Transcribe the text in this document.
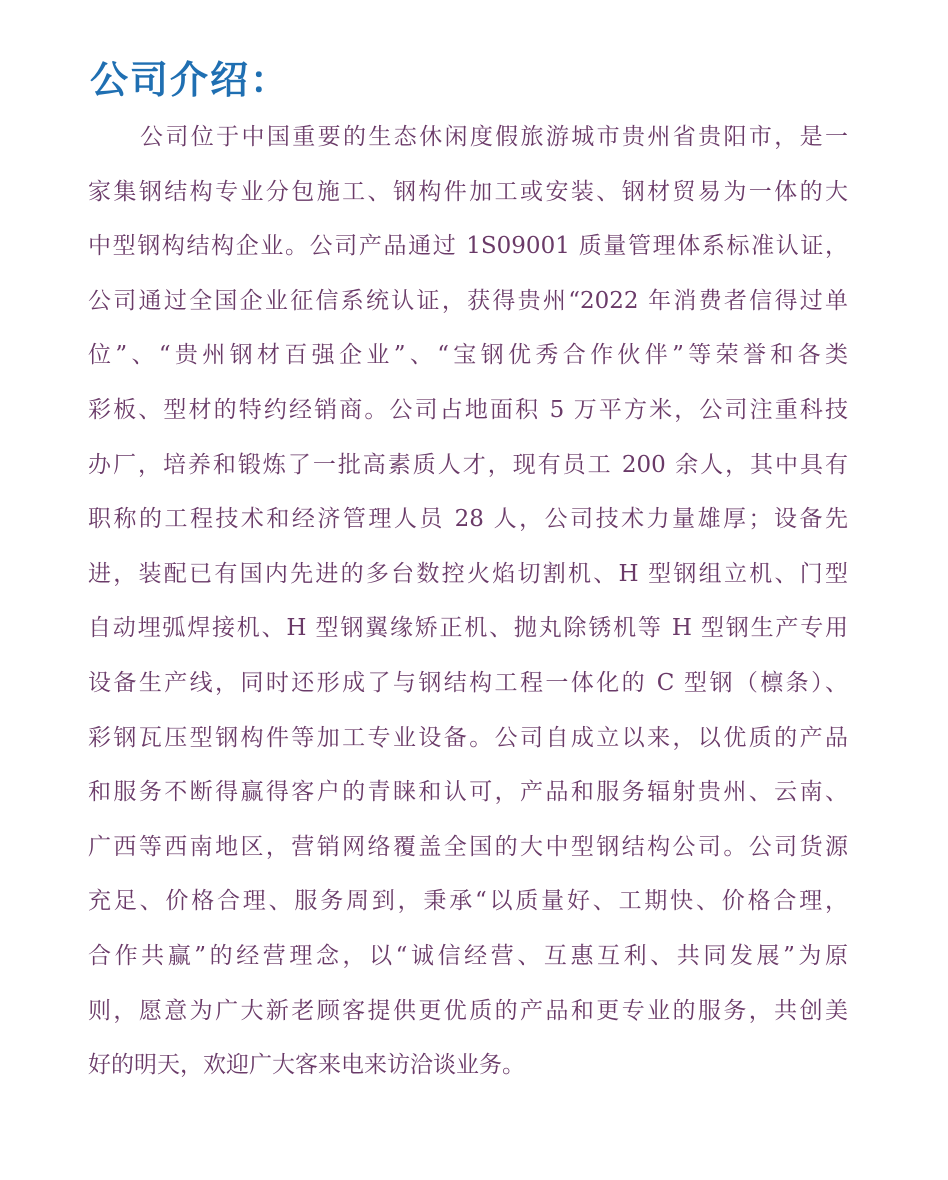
公司介绍：
公司位于中国重要的生态休闲度假旅游城市贵州省贵阳市，是一
家集钢结构专业分包施工、钢构件加工或安装、钢材贸易为一体的大
中型钢构结构企业。公司产品通过 1S09001 质量管理体系标准认证，
公司通过全国企业征信系统认证，获得贵州“2022 年消费者信得过单
位”、“贵州钢材百强企业”、“宝钢优秀合作伙伴”等荣誉和各类
彩板、型材的特约经销商。公司占地面积 5 万平方米，公司注重科技
办厂，培养和锻炼了一批高素质人才，现有员工 200 余人，其中具有
职称的工程技术和经济管理人员 28 人，公司技术力量雄厚；设备先
进，装配已有国内先进的多台数控火焰切割机、H 型钢组立机、门型
自动埋弧焊接机、H 型钢翼缘矫正机、抛丸除锈机等 H 型钢生产专用
设备生产线，同时还形成了与钢结构工程一体化的 C 型钢（檩条）、
彩钢瓦压型钢构件等加工专业设备。公司自成立以来，以优质的产品
和服务不断得赢得客户的青睐和认可，产品和服务辐射贵州、云南、
广西等西南地区，营销网络覆盖全国的大中型钢结构公司。公司货源
充足、价格合理、服务周到，秉承“以质量好、工期快、价格合理，
合作共赢”的经营理念，以“诚信经营、互惠互利、共同发展”为原
则，愿意为广大新老顾客提供更优质的产品和更专业的服务，共创美
好的明天，欢迎广大客来电来访洽谈业务。
